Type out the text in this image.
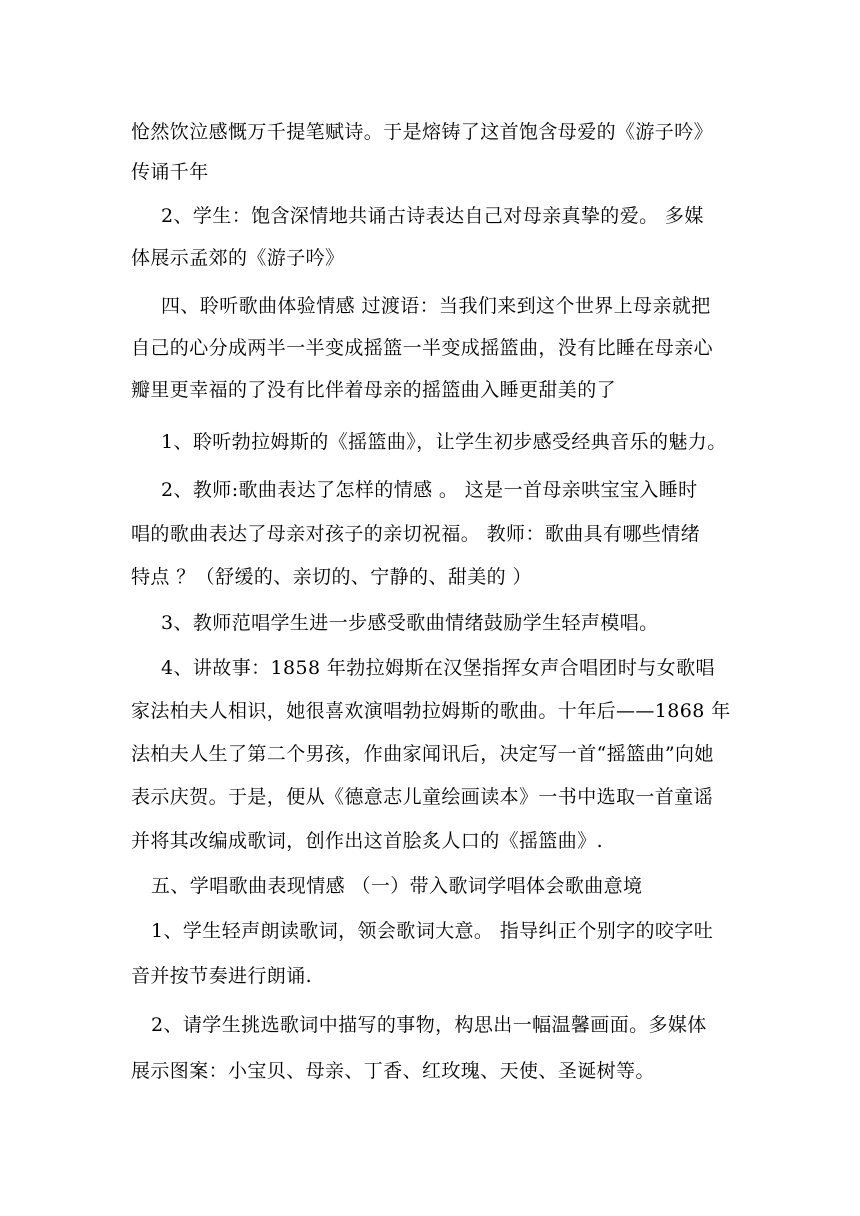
怆然饮泣感慨万千提笔赋诗。于是熔铸了这首饱含母爱的《游子吟》
传诵千年
2、学生：饱含深情地共诵古诗表达自己对母亲真挚的爱。 多媒
体展示孟郊的《游子吟》
四、聆听歌曲体验情感 过渡语：当我们来到这个世界上母亲就把
自己的心分成两半一半变成摇篮一半变成摇篮曲，没有比睡在母亲心
瓣里更幸福的了没有比伴着母亲的摇篮曲入睡更甜美的了
1、聆听勃拉姆斯的《摇篮曲》，让学生初步感受经典音乐的魅力。
2、教师:歌曲表达了怎样的情感 。 这是一首母亲哄宝宝入睡时
唱的歌曲表达了母亲对孩子的亲切祝福。 教师：歌曲具有哪些情绪
特点 ？（舒缓的、亲切的、宁静的、甜美的 ）
3、教师范唱学生进一步感受歌曲情绪鼓励学生轻声模唱。
4、讲故事：1858 年勃拉姆斯在汉堡指挥女声合唱团时与女歌唱
家法柏夫人相识，她很喜欢演唱勃拉姆斯的歌曲。十年后——1868 年
法柏夫人生了第二个男孩，作曲家闻讯后，决定写一首“摇篮曲”向她
表示庆贺。于是，便从《德意志儿童绘画读本》一书中选取一首童谣
并将其改编成歌词，创作出这首脍炙人口的《摇篮曲》.
五、学唱歌曲表现情感 （一）带入歌词学唱体会歌曲意境
1、学生轻声朗读歌词，领会歌词大意。 指导纠正个别字的咬字吐
音并按节奏进行朗诵.
2、请学生挑选歌词中描写的事物，构思出一幅温馨画面。多媒体
展示图案：小宝贝、母亲、丁香、红玫瑰、天使、圣诞树等。
